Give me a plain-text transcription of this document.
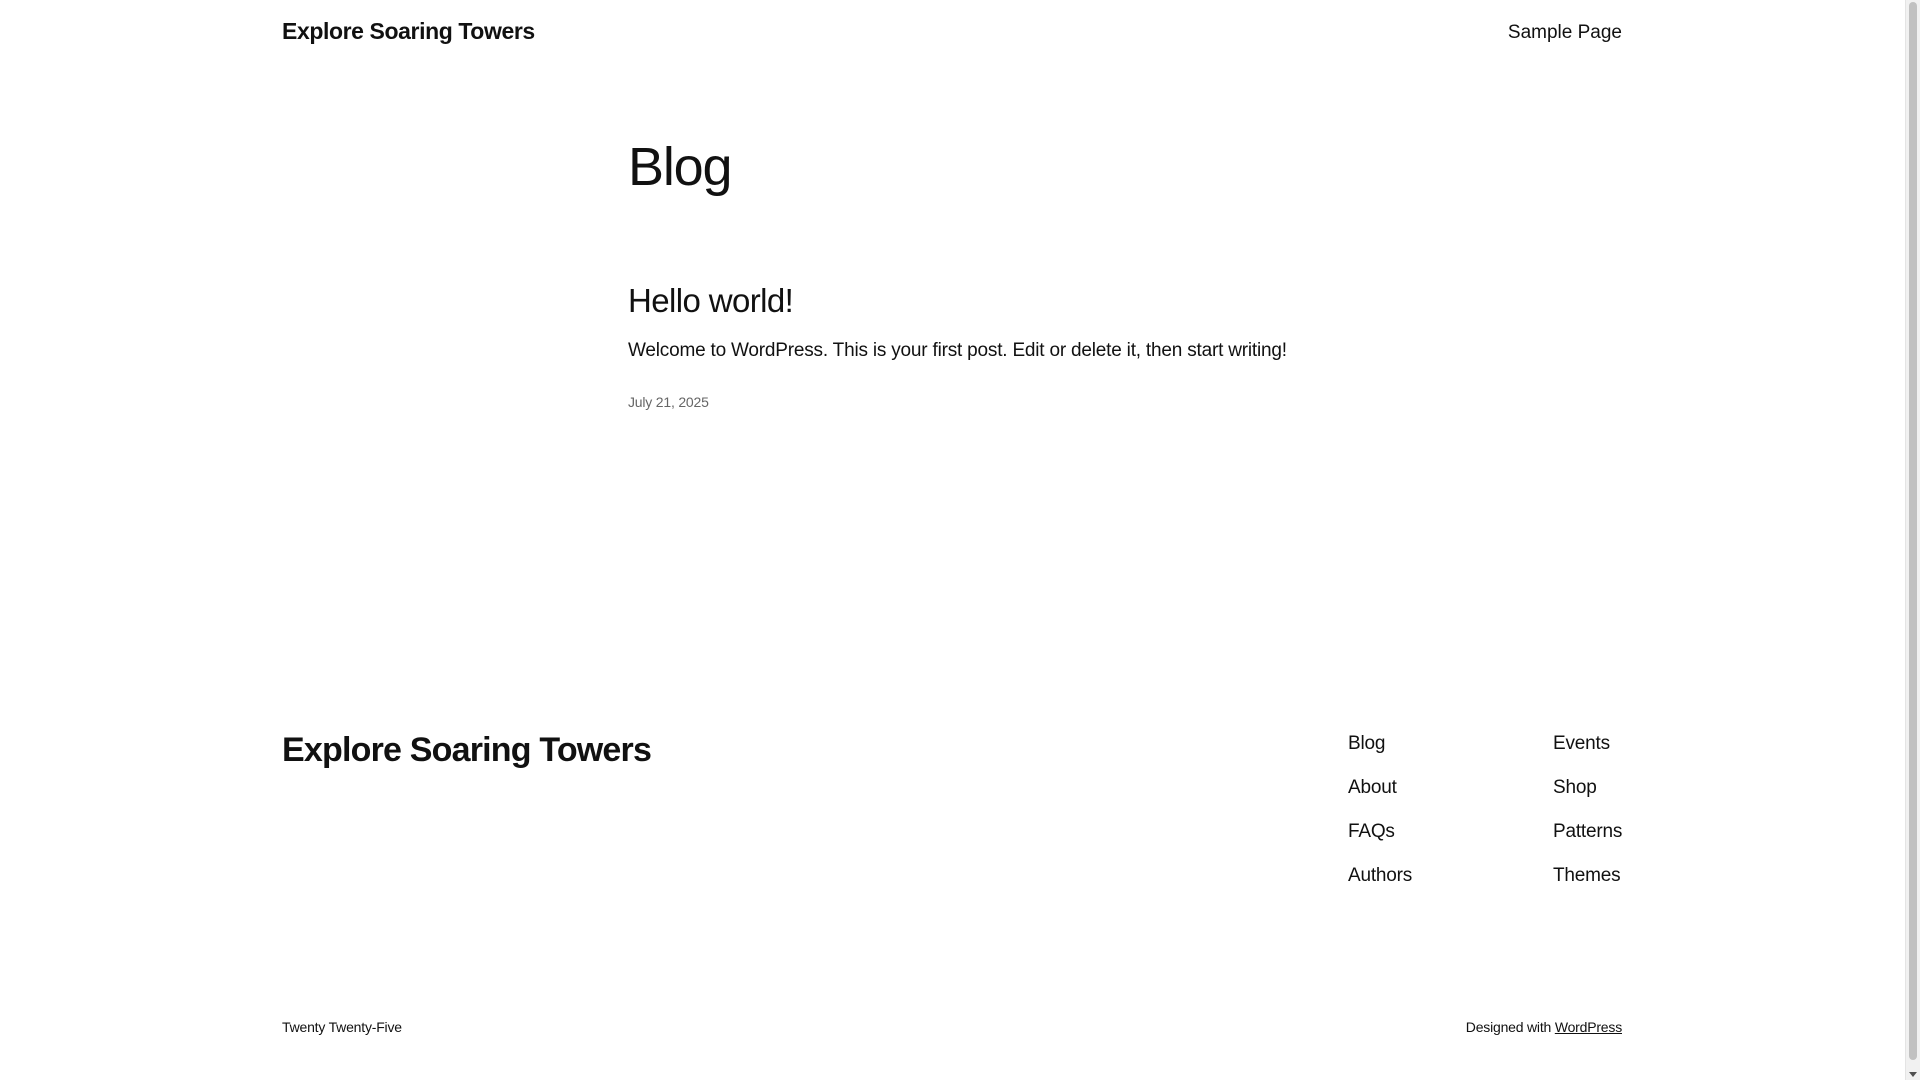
Explore Soaring Towers	Sample Page
Blog
Hello world!

Welcome to WordPress. This is your first post. Edit or delete it, then start writing!

July 21, 2025
Explore Soaring Towers	Blog
About
FAQs
Authors
Events
Shop
Patterns
Themes
Twenty Twenty-Five	Designed with WordPress
